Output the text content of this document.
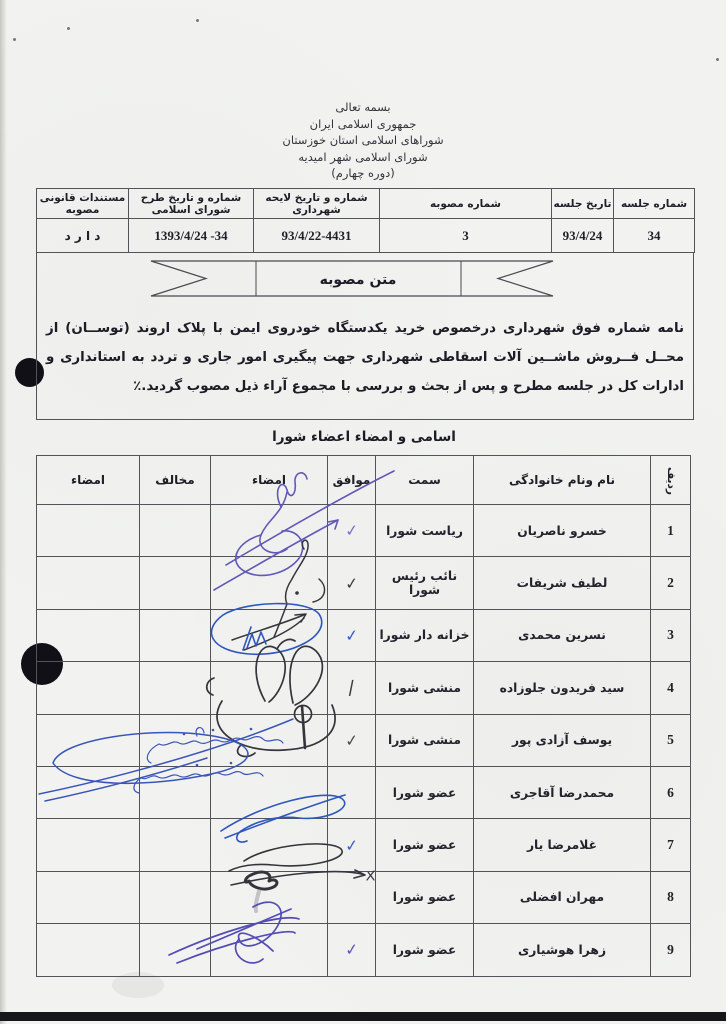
بسمه تعالی
جمهوری اسلامی ایران
شوراهای اسلامی استان خوزستان
شورای اسلامی شهر امیدیه
(دوره چهارم)
شماره جلسه	تاریخ جلسه	شماره مصوبه	شماره و تاریخ لایحه شهرداری	شماره و تاریخ طرح شورای اسلامی	مستندات قانونی مصوبه
34	93/4/24	3	93/4/22-4431	1393/4/24 -34	د ا ر د
متن مصوبه
نامه شماره فوق شهرداری درخصوص خرید یکدستگاه خودروی ایمن با پلاک اروند (توســان) از محــل فــروش ماشــین آلات اسقاطی شهرداری جهت پیگیری امور جاری و تردد به استانداری و ادارات کل در جلسه مطرح و پس از بحث و بررسی با مجموع آراء ذیل مصوب گردید.٪
اسامی و امضاء اعضاء شورا
ردیف	نام ونام خانوادگی	سمت	موافق	امضاء	مخالف	امضاء
1	خسرو ناصریان	ریاست شورا	✓			
2	لطیف شریفات	نائب رئیس شورا	✓			
3	نسرین محمدی	خزانه دار شورا	✓			
4	سید فریدون جلوزاده	منشی شورا	/			
5	یوسف آزادی پور	منشی شورا	✓			
6	محمدرضا آقاجری	عضو شورا				
7	غلامرضا یار	عضو شورا	✓			
8	مهران افضلی	عضو شورا				
9	زهرا هوشیاری	عضو شورا	✓			
